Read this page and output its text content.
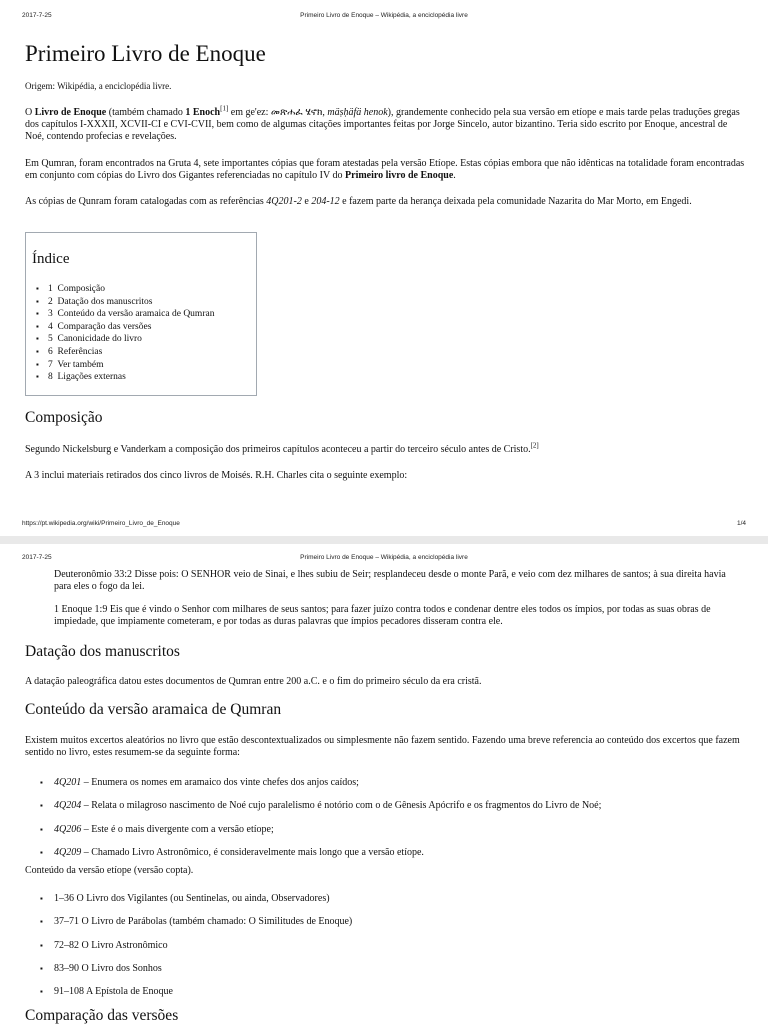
2017-7-25	Primeiro Livro de Enoque – Wikipédia, a enciclopédia livre
Primeiro Livro de Enoque

Origem: Wikipédia, a enciclopédia livre.

O Livro de Enoque (também chamado 1 Enoch[1] em ge'ez: መጽሐፈ ሄኖክ, mäṣḥäfä henok), grandemente conhecido pela sua versão em etíope e mais tarde pelas traduções gregas dos capítulos I-XXXII, XCVII-CI e CVI-CVII, bem como de algumas citações importantes feitas por Jorge Sincelo, autor bizantino. Teria sido escrito por Enoque, ancestral de Noé, contendo profecias e revelações.

Em Qumran, foram encontrados na Gruta 4, sete importantes cópias que foram atestadas pela versão Etíope. Estas cópias embora que não idênticas na totalidade foram encontradas em conjunto com cópias do Livro dos Gigantes referenciadas no capítulo IV do Primeiro livro de Enoque.

As cópias de Qunram foram catalogadas com as referências 4Q201-2 e 204-12 e fazem parte da herança deixada pela comunidade Nazarita do Mar Morto, em Engedi.

Índice
▪ 1 Composição
▪ 2 Datação dos manuscritos
▪ 3 Conteúdo da versão aramaica de Qumran
▪ 4 Comparação das versões
▪ 5 Canonicidade do livro
▪ 6 Referências
▪ 7 Ver também
▪ 8 Ligações externas
Composição

Segundo Nickelsburg e Vanderkam a composição dos primeiros capítulos aconteceu a partir do terceiro século antes de Cristo.[2]

A 3 inclui materiais retirados dos cinco livros de Moisés. R.H. Charles cita o seguinte exemplo:

https://pt.wikipedia.org/wiki/Primeiro_Livro_de_Enoque	1/4
2017-7-25	Primeiro Livro de Enoque – Wikipédia, a enciclopédia livre

Deuteronômio 33:2 Disse pois: O SENHOR veio de Sinai, e lhes subiu de Seir; resplandeceu desde o monte Parã, e veio com dez milhares de santos; à sua direita havia para eles o fogo da lei.

1 Enoque 1:9 Eis que é vindo o Senhor com milhares de seus santos; para fazer juízo contra todos e condenar dentre eles todos os ímpios, por todas as suas obras de impiedade, que impiamente cometeram, e por todas as duras palavras que ímpios pecadores disseram contra ele.

Datação dos manuscritos

A datação paleográfica datou estes documentos de Qumran entre 200 a.C. e o fim do primeiro século da era cristã.

Conteúdo da versão aramaica de Qumran

Existem muitos excertos aleatórios no livro que estão descontextualizados ou simplesmente não fazem sentido. Fazendo uma breve referencia ao conteúdo dos excertos que fazem sentido no livro, estes resumem-se da seguinte forma:

▪ 4Q201 – Enumera os nomes em aramaico dos vinte chefes dos anjos caídos;
▪ 4Q204 – Relata o milagroso nascimento de Noé cujo paralelismo é notório com o de Gênesis Apócrifo e os fragmentos do Livro de Noé;
▪ 4Q206 – Este é o mais divergente com a versão etíope;
▪ 4Q209 – Chamado Livro Astronômico, é consideravelmente mais longo que a versão etíope.

Conteúdo da versão etíope (versão copta).

▪ 1–36 O Livro dos Vigilantes (ou Sentinelas, ou ainda, Observadores)
▪ 37–71 O Livro de Parábolas (também chamado: O Similitudes de Enoque)
▪ 72–82 O Livro Astronômico
▪ 83–90 O Livro dos Sonhos
▪ 91–108 A Epístola de Enoque
Comparação das versões
